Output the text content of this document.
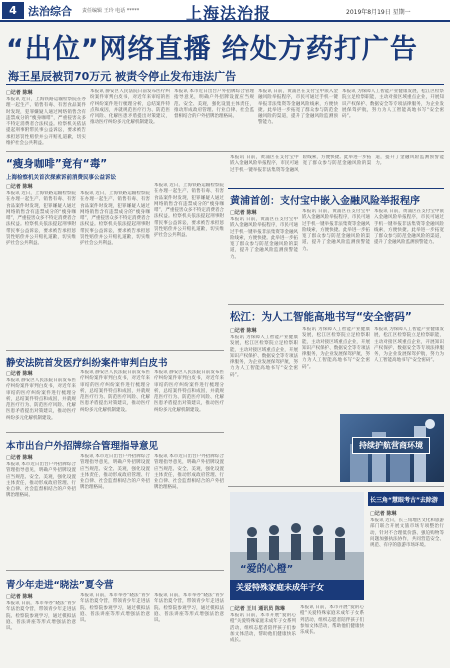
4	法治综合 责任编辑 王玲 电话 *****	上海法治报	2019年8月19日 星期一
“出位”网络直播 给处方药打广告
海王星辰被罚70万元 被责令停止发布违法广告
□记者 陈琳
本报讯 近日，上海铁路运输检察院在办理一起生产、销售有毒、有害食品案件时发现，犯罪嫌疑人通过网络销售含有违禁成分的“瘦身咖啡”，严重侵害众多不特定消费者合法权益。检察机关依法提起刑事附带民事公益诉讼，要求被告承担惩罚性赔偿并公开赔礼道歉，切实维护社会公共利益。
本报讯 静安区人民法院日前发布医疗纠纷案件审判白皮书，对近年来审结的医疗纠纷案件进行梳理分析，总结案件特点和成因，并就规范医疗行为、防范医疗风险、化解医患矛盾提出对策建议，推动医疗纠纷多元化解机制建设。
本报讯 本市近日出台户外招牌综合管理指导意见，明确户外招牌设置应当规范、安全、美观，强化设置主体责任，推动形成政府管理、行业自律、社会监督相结合的户外招牌治理格局。
本报讯 日前，黄浦区在支付宝中嵌入金融风险举报程序，市民可通过手机一键举报非法集资等金融风险线索，方便快捷。此举进一步拓宽了群众参与防范金融风险的渠道，提升了金融风险监测预警能力。
本报讯 为保障人工智能产业健康发展，松江区检察院立足检察职能，主动对接区域重点企业，开展知识产权保护、数据安全等专项法律服务，为企业发展保驾护航，努力为人工智能高地书写“安全密码”。
“瘦身咖啡”竟有“毒”
上海检察机关首次探索诉前消费民事公益诉讼
□记者 陈琳
本报讯 近日，上海铁路运输检察院在办理一起生产、销售有毒、有害食品案件时发现，犯罪嫌疑人通过网络销售含有违禁成分的“瘦身咖啡”，严重侵害众多不特定消费者合法权益。检察机关依法提起刑事附带民事公益诉讼，要求被告承担惩罚性赔偿并公开赔礼道歉，切实维护社会公共利益。
本报讯 近日，上海铁路运输检察院在办理一起生产、销售有毒、有害食品案件时发现，犯罪嫌疑人通过网络销售含有违禁成分的“瘦身咖啡”，严重侵害众多不特定消费者合法权益。检察机关依法提起刑事附带民事公益诉讼，要求被告承担惩罚性赔偿并公开赔礼道歉，切实维护社会公共利益。
本报讯 近日，上海铁路运输检察院在办理一起生产、销售有毒、有害食品案件时发现，犯罪嫌疑人通过网络销售含有违禁成分的“瘦身咖啡”，严重侵害众多不特定消费者合法权益。检察机关依法提起刑事附带民事公益诉讼，要求被告承担惩罚性赔偿并公开赔礼道歉，切实维护社会公共利益。
静安法院首发医疗纠纷案件审判白皮书
□记者 陈琳
本报讯 静安区人民法院日前发布医疗纠纷案件审判白皮书，对近年来审结的医疗纠纷案件进行梳理分析，总结案件特点和成因，并就规范医疗行为、防范医疗风险、化解医患矛盾提出对策建议，推动医疗纠纷多元化解机制建设。
本报讯 静安区人民法院日前发布医疗纠纷案件审判白皮书，对近年来审结的医疗纠纷案件进行梳理分析，总结案件特点和成因，并就规范医疗行为、防范医疗风险、化解医患矛盾提出对策建议，推动医疗纠纷多元化解机制建设。
本报讯 静安区人民法院日前发布医疗纠纷案件审判白皮书，对近年来审结的医疗纠纷案件进行梳理分析，总结案件特点和成因，并就规范医疗行为、防范医疗风险、化解医患矛盾提出对策建议，推动医疗纠纷多元化解机制建设。
本市出台户外招牌综合管理指导意见
□记者 陈琳
本报讯 本市近日出台户外招牌综合管理指导意见，明确户外招牌设置应当规范、安全、美观，强化设置主体责任，推动形成政府管理、行业自律、社会监督相结合的户外招牌治理格局。
本报讯 本市近日出台户外招牌综合管理指导意见，明确户外招牌设置应当规范、安全、美观，强化设置主体责任，推动形成政府管理、行业自律、社会监督相结合的户外招牌治理格局。
本报讯 本市近日出台户外招牌综合管理指导意见，明确户外招牌设置应当规范、安全、美观，强化设置主体责任，推动形成政府管理、行业自律、社会监督相结合的户外招牌治理格局。
青少年走进“晓法”夏令营
□记者 陈琳
本报讯 日前，本市举办“晓法”青少年法治夏令营，带领青少年走进法院、检察院参观学习，通过模拟法庭、普法讲座等形式增强法治意识。
本报讯 日前，本市举办“晓法”青少年法治夏令营，带领青少年走进法院、检察院参观学习，通过模拟法庭、普法讲座等形式增强法治意识。
本报讯 日前，黄浦区在支付宝中嵌入金融风险举报程序，市民可通过手机一键举报非法集资等金融风险线索，方便快捷。此举进一步拓宽了群众参与防范金融风险的渠道，提升了金融风险监测预警能力。
黄浦首创：支付宝中嵌入金融风险举报程序
□记者 陈琳
本报讯 日前，黄浦区在支付宝中嵌入金融风险举报程序，市民可通过手机一键举报非法集资等金融风险线索，方便快捷。此举进一步拓宽了群众参与防范金融风险的渠道，提升了金融风险监测预警能力。
本报讯 日前，黄浦区在支付宝中嵌入金融风险举报程序，市民可通过手机一键举报非法集资等金融风险线索，方便快捷。此举进一步拓宽了群众参与防范金融风险的渠道，提升了金融风险监测预警能力。
本报讯 日前，黄浦区在支付宝中嵌入金融风险举报程序，市民可通过手机一键举报非法集资等金融风险线索，方便快捷。此举进一步拓宽了群众参与防范金融风险的渠道，提升了金融风险监测预警能力。
松江：为人工智能高地书写“安全密码”
□记者 陈琳
本报讯 为保障人工智能产业健康发展，松江区检察院立足检察职能，主动对接区域重点企业，开展知识产权保护、数据安全等专项法律服务，为企业发展保驾护航，努力为人工智能高地书写“安全密码”。
本报讯 为保障人工智能产业健康发展，松江区检察院立足检察职能，主动对接区域重点企业，开展知识产权保护、数据安全等专项法律服务，为企业发展保驾护航，努力为人工智能高地书写“安全密码”。
本报讯 为保障人工智能产业健康发展，松江区检察院立足检察职能，主动对接区域重点企业，开展知识产权保护、数据安全等专项法律服务，为企业发展保驾护航，努力为人工智能高地书写“安全密码”。
持续护航营商环境
“爱的心橙”
关爱特殊家庭未成年子女
长三角“慧眼考古”去除游
□记者 陈琳
本报讯 近日，长三角地区文化和旅游部门联合开展文旅市场专项整治行动，针对不合理低价游、强迫购物等问题加强执法协作，共同营造安全、规范、有序的旅游市场环境。
□记者 王川 通讯员 陈琳
本报讯 日前，本市开展“爱的心橙”关爱特殊家庭未成年子女系列活动，组织志愿者陪伴孩子们参加文体活动，帮助他们健康快乐成长。
本报讯 日前，本市开展“爱的心橙”关爱特殊家庭未成年子女系列活动，组织志愿者陪伴孩子们参加文体活动，帮助他们健康快乐成长。
本报讯 日前，本市举办“晓法”青少年法治夏令营，带领青少年走进法院、检察院参观学习，通过模拟法庭、普法讲座等形式增强法治意识。
